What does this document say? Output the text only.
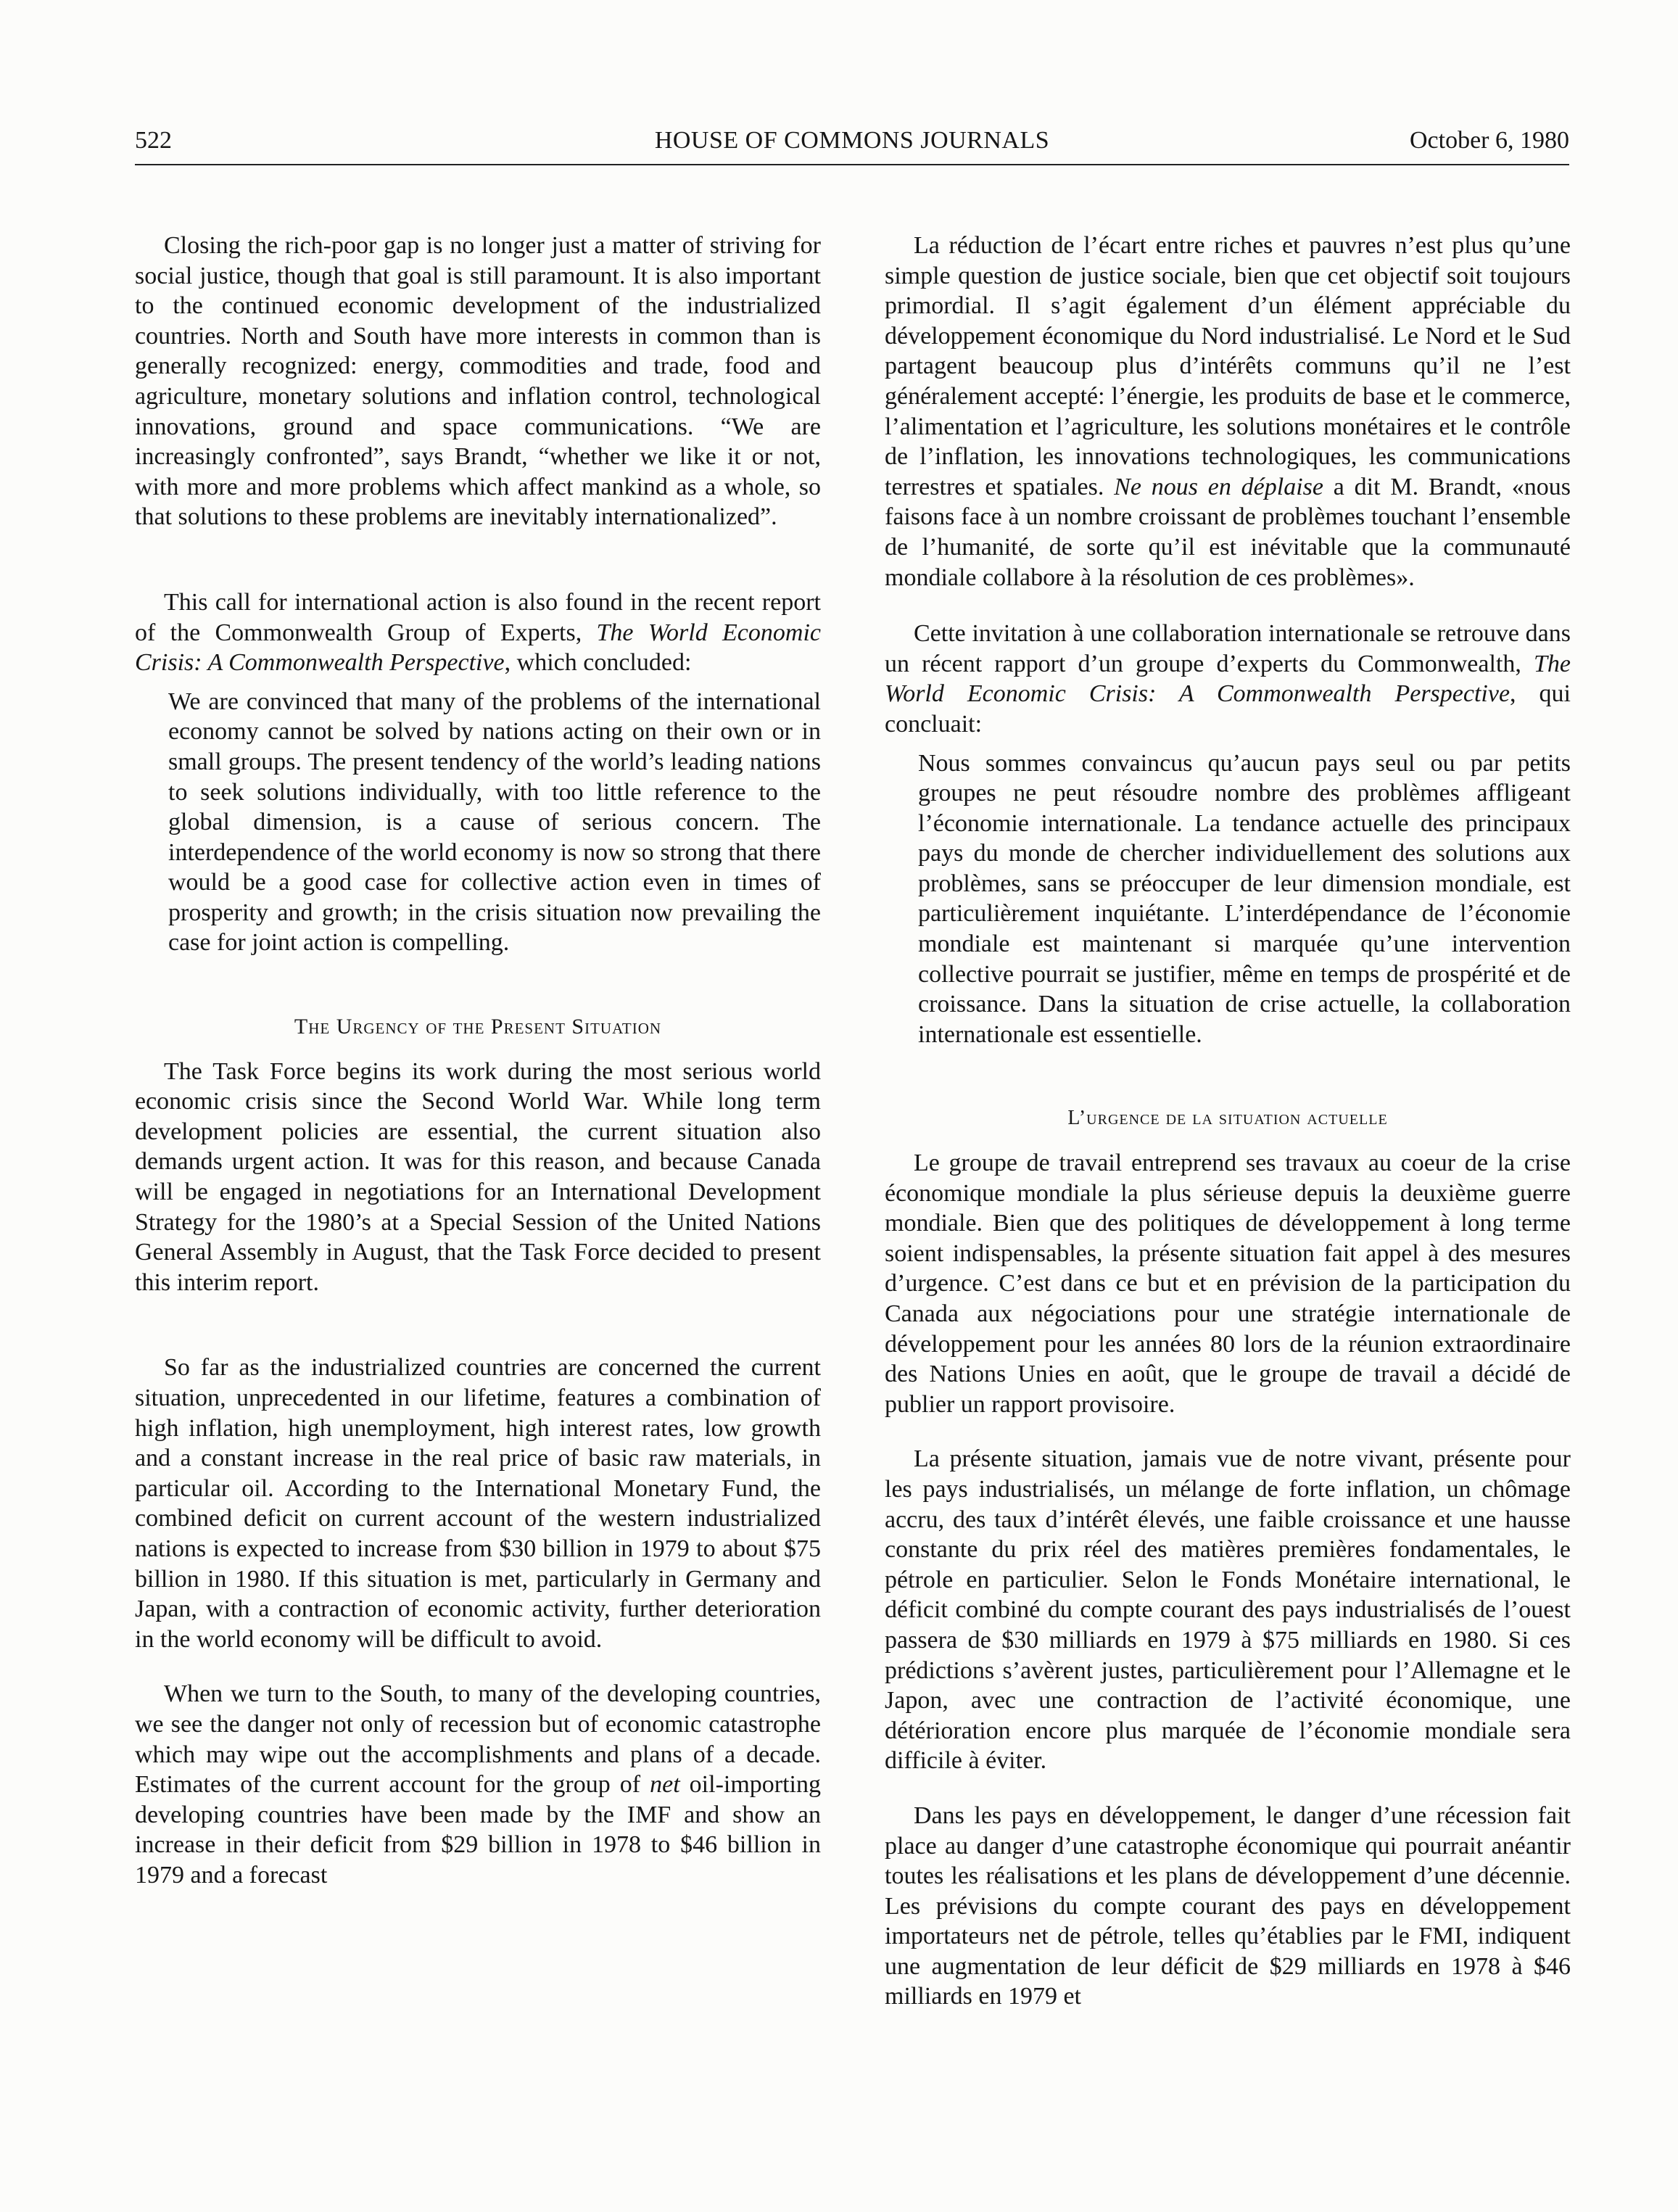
522	HOUSE OF COMMONS JOURNALS	October 6, 1980

Closing the rich-poor gap is no longer just a matter of striving for social justice, though that goal is still paramount. It is also important to the continued economic development of the industrialized countries. North and South have more interests in common than is generally recognized: energy, commodities and trade, food and agriculture, monetary solutions and inflation control, technological innovations, ground and space communications. “We are increasingly confronted”, says Brandt, “whether we like it or not, with more and more problems which affect mankind as a whole, so that solutions to these problems are inevitably internationalized”.

This call for international action is also found in the recent report of the Commonwealth Group of Experts, The World Economic Crisis: A Commonwealth Perspective, which concluded:

We are convinced that many of the problems of the international economy cannot be solved by nations acting on their own or in small groups. The present tendency of the world’s leading nations to seek solutions individually, with too little reference to the global dimension, is a cause of serious concern. The interdependence of the world economy is now so strong that there would be a good case for collective action even in times of prosperity and growth; in the crisis situation now prevailing the case for joint action is compelling.

The Urgency of the Present Situation

The Task Force begins its work during the most serious world economic crisis since the Second World War. While long term development policies are essential, the current situation also demands urgent action. It was for this reason, and because Canada will be engaged in negotiations for an International Development Strategy for the 1980’s at a Special Session of the United Nations General Assembly in August, that the Task Force decided to present this interim report.

So far as the industrialized countries are concerned the current situation, unprecedented in our lifetime, features a combination of high inflation, high unemployment, high interest rates, low growth and a constant increase in the real price of basic raw materials, in particular oil. According to the International Monetary Fund, the combined deficit on current account of the western industrialized nations is expected to increase from $30 billion in 1979 to about $75 billion in 1980. If this situation is met, particularly in Germany and Japan, with a contraction of economic activity, further deterioration in the world economy will be difficult to avoid.

When we turn to the South, to many of the developing countries, we see the danger not only of recession but of economic catastrophe which may wipe out the accomplishments and plans of a decade. Estimates of the current account for the group of net oil-importing developing countries have been made by the IMF and show an increase in their deficit from $29 billion in 1978 to $46 billion in 1979 and a forecast

La réduction de l’écart entre riches et pauvres n’est plus qu’une simple question de justice sociale, bien que cet objectif soit toujours primordial. Il s’agit également d’un élément appréciable du développement économique du Nord industrialisé. Le Nord et le Sud partagent beaucoup plus d’intérêts communs qu’il ne l’est généralement accepté: l’énergie, les produits de base et le commerce, l’alimentation et l’agriculture, les solutions monétaires et le contrôle de l’inflation, les innovations technologiques, les communications terrestres et spatiales. Ne nous en déplaise a dit M. Brandt, «nous faisons face à un nombre croissant de problèmes touchant l’ensemble de l’humanité, de sorte qu’il est inévitable que la communauté mondiale collabore à la résolution de ces problèmes».

Cette invitation à une collaboration internationale se retrouve dans un récent rapport d’un groupe d’experts du Commonwealth, The World Economic Crisis: A Commonwealth Perspective, qui concluait:

Nous sommes convaincus qu’aucun pays seul ou par petits groupes ne peut résoudre nombre des problèmes affligeant l’économie internationale. La tendance actuelle des principaux pays du monde de chercher individuellement des solutions aux problèmes, sans se préoccuper de leur dimension mondiale, est particulièrement inquiétante. L’interdépendance de l’économie mondiale est maintenant si marquée qu’une intervention collective pourrait se justifier, même en temps de prospérité et de croissance. Dans la situation de crise actuelle, la collaboration internationale est essentielle.

L’urgence de la situation actuelle

Le groupe de travail entreprend ses travaux au coeur de la crise économique mondiale la plus sérieuse depuis la deuxième guerre mondiale. Bien que des politiques de développement à long terme soient indispensables, la présente situation fait appel à des mesures d’urgence. C’est dans ce but et en prévision de la participation du Canada aux négociations pour une stratégie internationale de développement pour les années 80 lors de la réunion extraordinaire des Nations Unies en août, que le groupe de travail a décidé de publier un rapport provisoire.

La présente situation, jamais vue de notre vivant, présente pour les pays industrialisés, un mélange de forte inflation, un chômage accru, des taux d’intérêt élevés, une faible croissance et une hausse constante du prix réel des matières premières fondamentales, le pétrole en particulier. Selon le Fonds Monétaire international, le déficit combiné du compte courant des pays industrialisés de l’ouest passera de $30 milliards en 1979 à $75 milliards en 1980. Si ces prédictions s’avèrent justes, particulièrement pour l’Allemagne et le Japon, avec une contraction de l’activité économique, une détérioration encore plus marquée de l’économie mondiale sera difficile à éviter.

Dans les pays en développement, le danger d’une récession fait place au danger d’une catastrophe économique qui pourrait anéantir toutes les réalisations et les plans de développement d’une décennie. Les prévisions du compte courant des pays en développement importateurs net de pétrole, telles qu’établies par le FMI, indiquent une augmentation de leur déficit de $29 milliards en 1978 à $46 milliards en 1979 et
